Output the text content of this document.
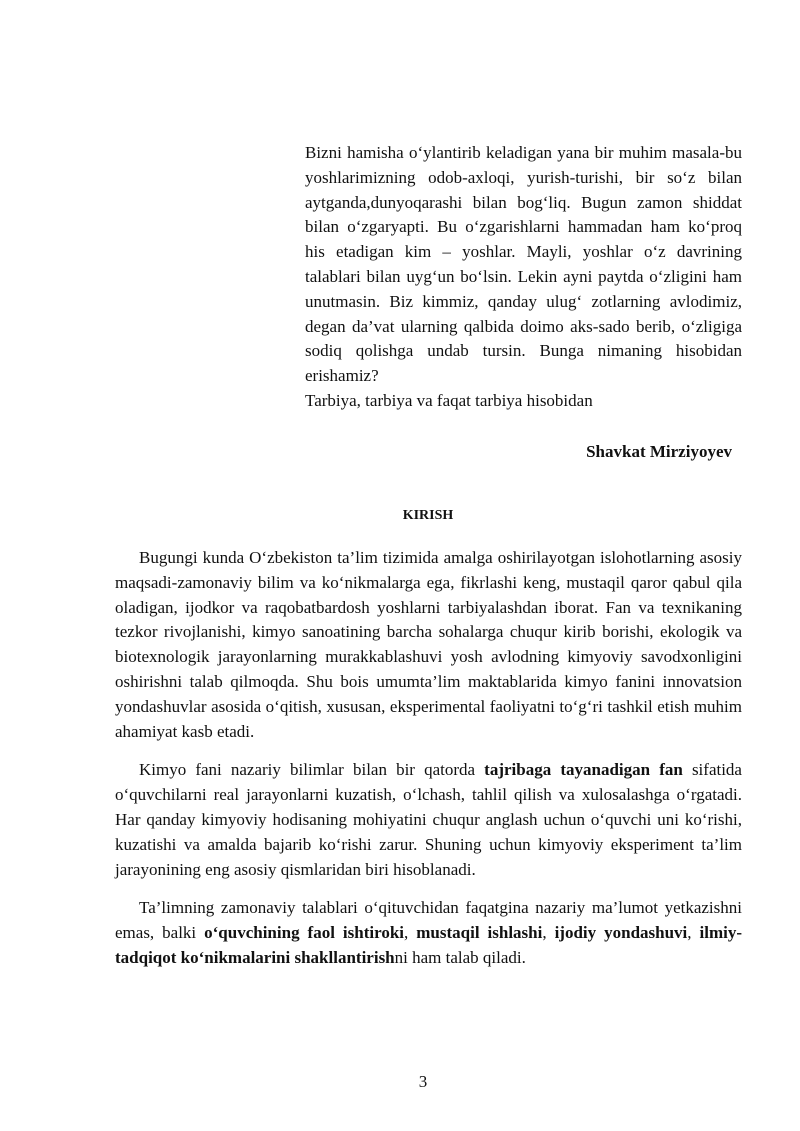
Bizni hamisha o‘ylantirib keladigan yana bir muhim masala-bu yoshlarimizning odob-axloqi, yurish-turishi, bir so‘z bilan aytganda,dunyoqarashi bilan bog‘liq. Bugun zamon shiddat bilan o‘zgaryapti. Bu o‘zgarishlarni hammadan ham ko‘proq his etadigan kim – yoshlar. Mayli, yoshlar o‘z davrining talablari bilan uyg‘un bo‘lsin. Lekin ayni paytda o‘zligini ham unutmasin. Biz kimmiz, qanday ulug‘ zotlarning avlodimiz, degan da’vat ularning qalbida doimo aks-sado berib, o‘zligiga sodiq qolishga undab tursin. Bunga nimaning hisobidan erishamiz?

Tarbiya, tarbiya va faqat tarbiya hisobidan

Shavkat Mirziyoyev
KIRISH

Bugungi kunda O‘zbekiston ta’lim tizimida amalga oshirilayotgan islohotlarning asosiy maqsadi-zamonaviy bilim va ko‘nikmalarga ega, fikrlashi keng, mustaqil qaror qabul qila oladigan, ijodkor va raqobatbardosh yoshlarni tarbiyalashdan iborat. Fan va texnikaning tezkor rivojlanishi, kimyo sanoatining barcha sohalarga chuqur kirib borishi, ekologik va biotexnologik jarayonlarning murakkablashuvi yosh avlodning kimyoviy savodxonligini oshirishni talab qilmoqda. Shu bois umumta’lim maktablarida kimyo fanini innovatsion yondashuvlar asosida o‘qitish, xususan, eksperimental faoliyatni to‘g‘ri tashkil etish muhim ahamiyat kasb etadi.

Kimyo fani nazariy bilimlar bilan bir qatorda tajribaga tayanadigan fan sifatida o‘quvchilarni real jarayonlarni kuzatish, o‘lchash, tahlil qilish va xulosalashga o‘rgatadi. Har qanday kimyoviy hodisaning mohiyatini chuqur anglash uchun o‘quvchi uni ko‘rishi, kuzatishi va amalda bajarib ko‘rishi zarur. Shuning uchun kimyoviy eksperiment ta’lim jarayonining eng asosiy qismlaridan biri hisoblanadi.

Ta’limning zamonaviy talablari o‘qituvchidan faqatgina nazariy ma’lumot yetkazishni emas, balki o‘quvchining faol ishtiroki, mustaqil ishlashi, ijodiy yondashuvi, ilmiy-tadqiqot ko‘nikmalarini shakllantirishni ham talab qiladi.

3
